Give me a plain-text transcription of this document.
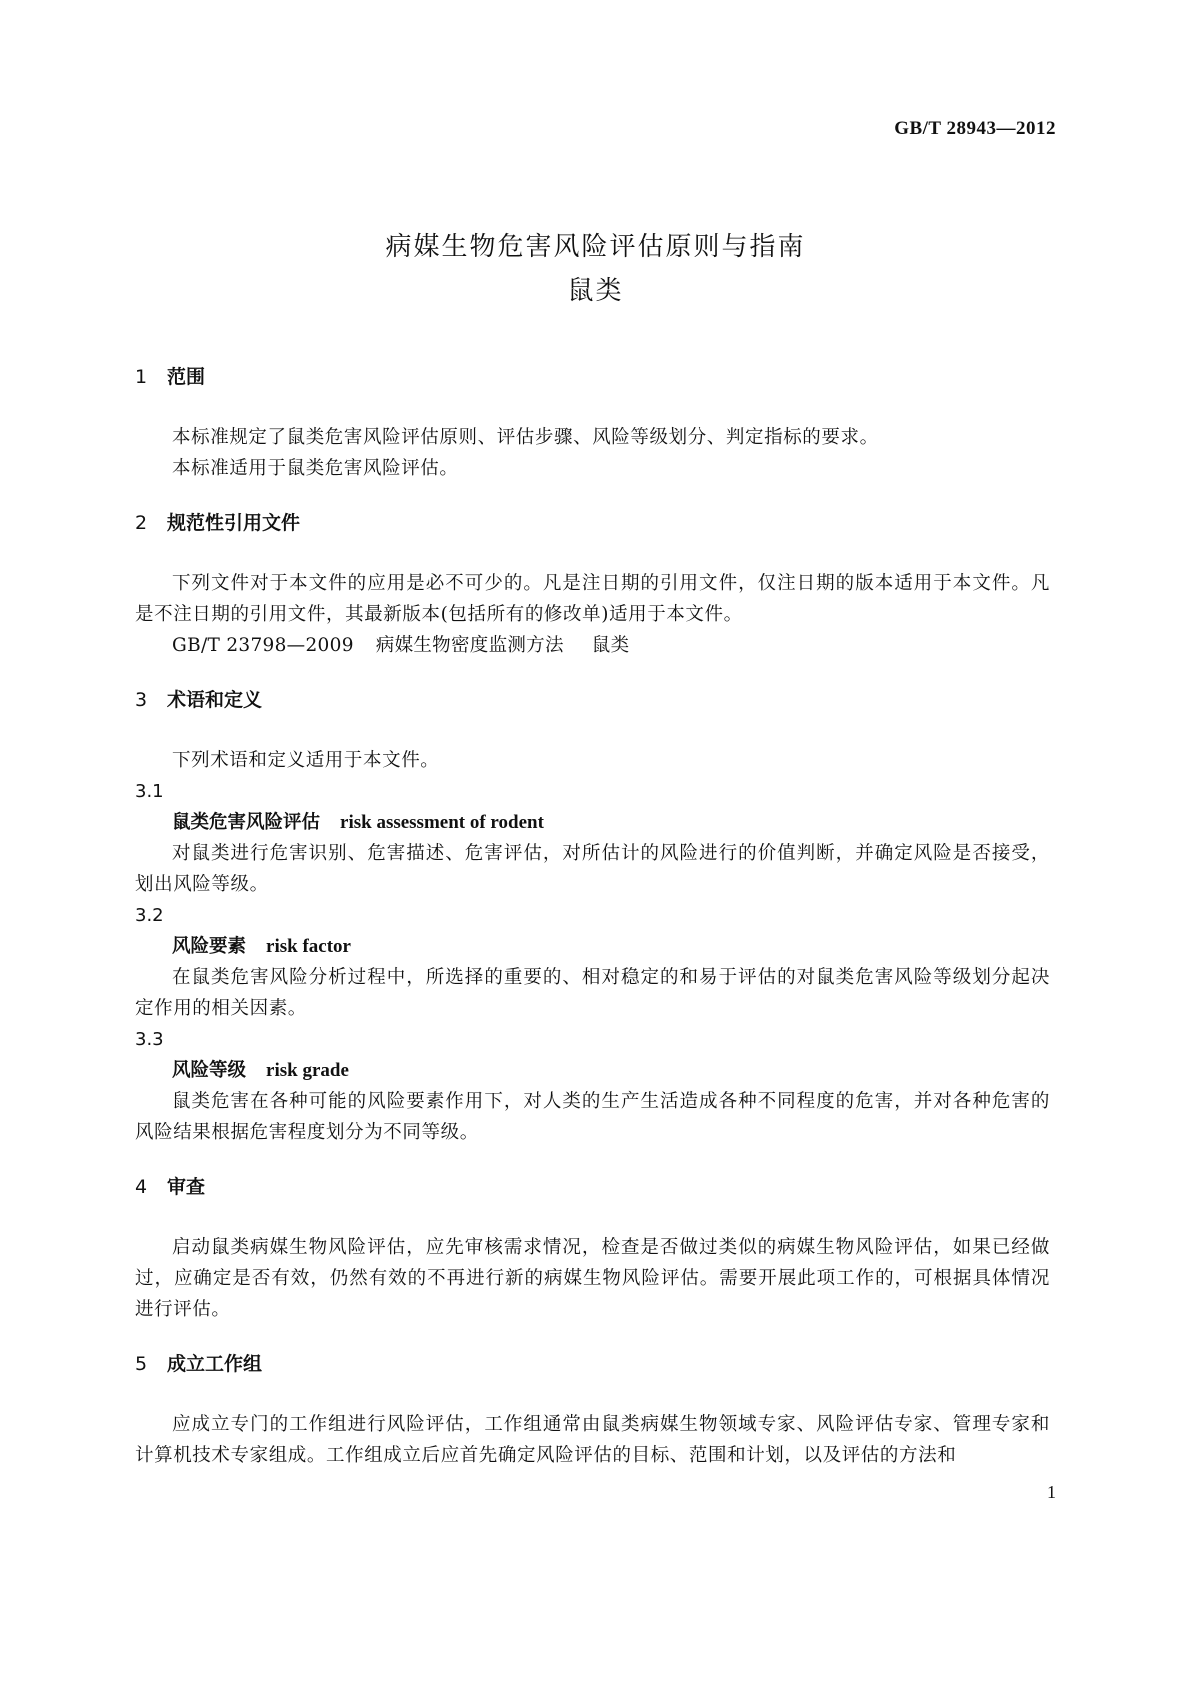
GB/T 28943—2012
病媒生物危害风险评估原则与指南
鼠类
1 范围
本标准规定了鼠类危害风险评估原则、评估步骤、风险等级划分、判定指标的要求。
本标准适用于鼠类危害风险评估。
2 规范性引用文件
下列文件对于本文件的应用是必不可少的。凡是注日期的引用文件，仅注日期的版本适用于本文件。凡是不注日期的引用文件，其最新版本(包括所有的修改单)适用于本文件。
GB/T 23798—2009 病媒生物密度监测方法 鼠类
3 术语和定义
下列术语和定义适用于本文件。
3.1
鼠类危害风险评估 risk assessment of rodent
对鼠类进行危害识别、危害描述、危害评估，对所估计的风险进行的价值判断，并确定风险是否接受，划出风险等级。
3.2
风险要素 risk factor
在鼠类危害风险分析过程中，所选择的重要的、相对稳定的和易于评估的对鼠类危害风险等级划分起决定作用的相关因素。
3.3
风险等级 risk grade
鼠类危害在各种可能的风险要素作用下，对人类的生产生活造成各种不同程度的危害，并对各种危害的风险结果根据危害程度划分为不同等级。
4 审查
启动鼠类病媒生物风险评估，应先审核需求情况，检查是否做过类似的病媒生物风险评估，如果已经做过，应确定是否有效，仍然有效的不再进行新的病媒生物风险评估。需要开展此项工作的，可根据具体情况进行评估。
5 成立工作组
应成立专门的工作组进行风险评估，工作组通常由鼠类病媒生物领域专家、风险评估专家、管理专家和计算机技术专家组成。工作组成立后应首先确定风险评估的目标、范围和计划，以及评估的方法和
1
